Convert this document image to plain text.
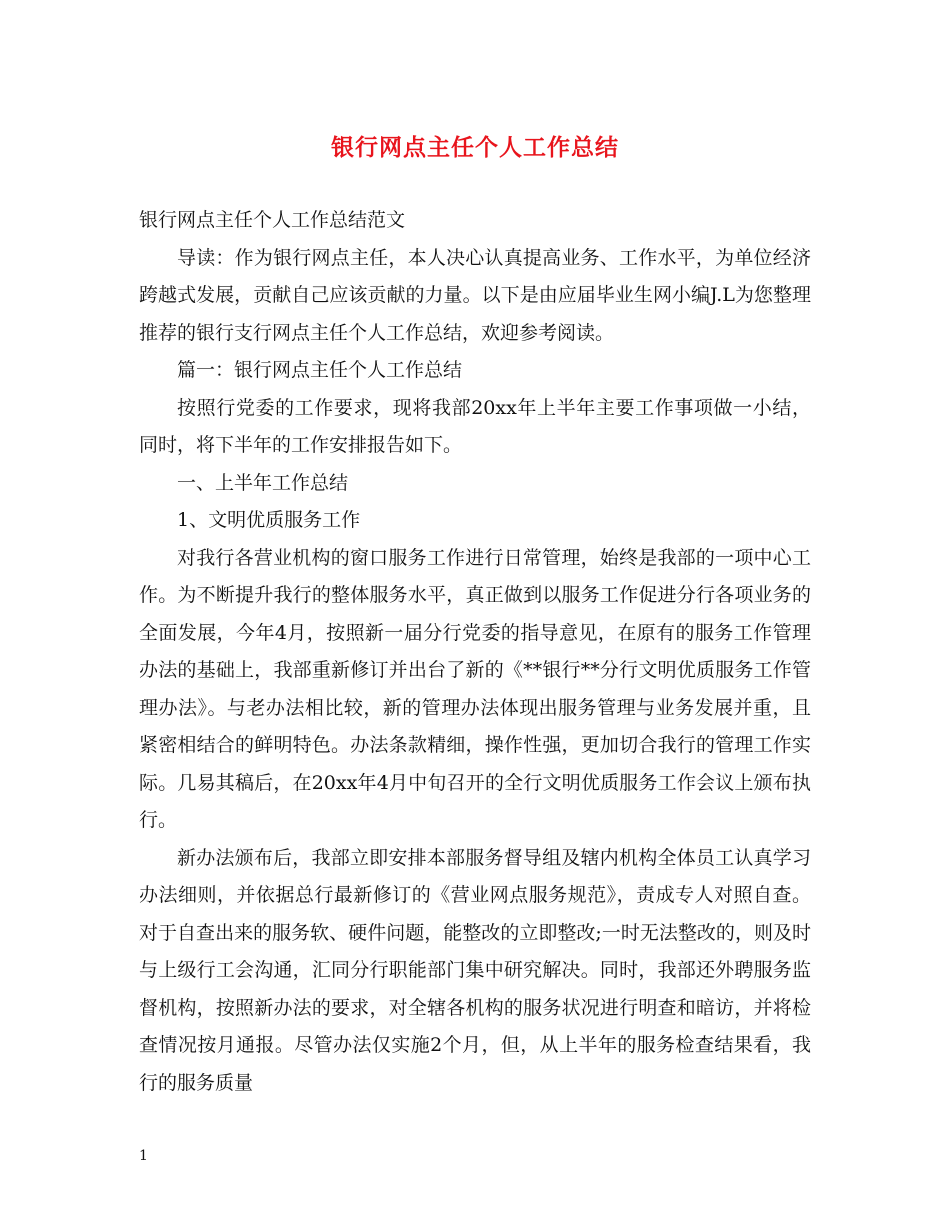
银行网点主任个人工作总结

银行网点主任个人工作总结范文

导读：作为银行网点主任，本人决心认真提高业务、工作水平，为单位经济跨越式发展，贡献自己应该贡献的力量。以下是由应届毕业生网小编J.L为您整理推荐的银行支行网点主任个人工作总结，欢迎参考阅读。

篇一：银行网点主任个人工作总结

按照行党委的工作要求，现将我部20xx年上半年主要工作事项做一小结，同时，将下半年的工作安排报告如下。

一、上半年工作总结

1、文明优质服务工作

对我行各营业机构的窗口服务工作进行日常管理，始终是我部的一项中心工作。为不断提升我行的整体服务水平，真正做到以服务工作促进分行各项业务的全面发展，今年4月，按照新一届分行党委的指导意见，在原有的服务工作管理办法的基础上，我部重新修订并出台了新的《**银行**分行文明优质服务工作管理办法》。与老办法相比较，新的管理办法体现出服务管理与业务发展并重，且紧密相结合的鲜明特色。办法条款精细，操作性强，更加切合我行的管理工作实际。几易其稿后，在20xx年4月中旬召开的全行文明优质服务工作会议上颁布执行。

新办法颁布后，我部立即安排本部服务督导组及辖内机构全体员工认真学习办法细则，并依据总行最新修订的《营业网点服务规范》，责成专人对照自查。对于自查出来的服务软、硬件问题，能整改的立即整改;一时无法整改的，则及时与上级行工会沟通，汇同分行职能部门集中研究解决。同时，我部还外聘服务监督机构，按照新办法的要求，对全辖各机构的服务状况进行明查和暗访，并将检查情况按月通报。尽管办法仅实施2个月，但，从上半年的服务检查结果看，我行的服务质量

1
